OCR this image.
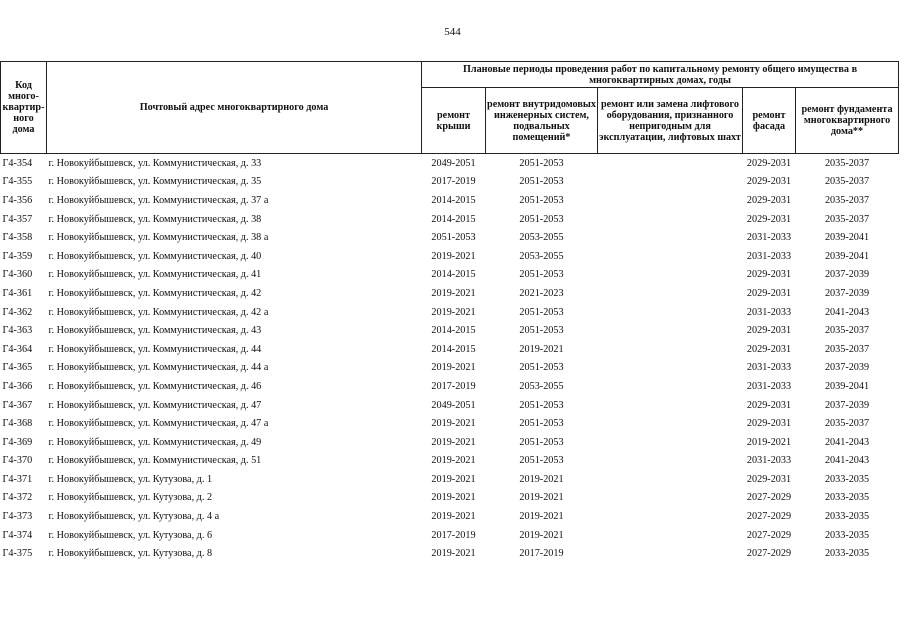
544
Код много-квартир-ного дома	Почтовый адрес многоквартирного дома	Плановые периоды проведения работ по капитальному ремонту общего имущества в многоквартирных домах, годы				
		ремонт крыши	ремонт внутридомовых инженерных систем, подвальных помещений*	ремонт или замена лифтового оборудования, признанного непригодным для эксплуатации, лифтовых шахт	ремонт фасада	ремонт фундамента многоквартирного дома**
Г4-354	г. Новокуйбышевск, ул. Коммунистическая, д. 33	2049-2051	2051-2053		2029-2031	2035-2037
Г4-355	г. Новокуйбышевск, ул. Коммунистическая, д. 35	2017-2019	2051-2053		2029-2031	2035-2037
Г4-356	г. Новокуйбышевск, ул. Коммунистическая, д. 37 а	2014-2015	2051-2053		2029-2031	2035-2037
Г4-357	г. Новокуйбышевск, ул. Коммунистическая, д. 38	2014-2015	2051-2053		2029-2031	2035-2037
Г4-358	г. Новокуйбышевск, ул. Коммунистическая, д. 38 а	2051-2053	2053-2055		2031-2033	2039-2041
Г4-359	г. Новокуйбышевск, ул. Коммунистическая, д. 40	2019-2021	2053-2055		2031-2033	2039-2041
Г4-360	г. Новокуйбышевск, ул. Коммунистическая, д. 41	2014-2015	2051-2053		2029-2031	2037-2039
Г4-361	г. Новокуйбышевск, ул. Коммунистическая, д. 42	2019-2021	2021-2023		2029-2031	2037-2039
Г4-362	г. Новокуйбышевск, ул. Коммунистическая, д. 42 а	2019-2021	2051-2053		2031-2033	2041-2043
Г4-363	г. Новокуйбышевск, ул. Коммунистическая, д. 43	2014-2015	2051-2053		2029-2031	2035-2037
Г4-364	г. Новокуйбышевск, ул. Коммунистическая, д. 44	2014-2015	2019-2021		2029-2031	2035-2037
Г4-365	г. Новокуйбышевск, ул. Коммунистическая, д. 44 а	2019-2021	2051-2053		2031-2033	2037-2039
Г4-366	г. Новокуйбышевск, ул. Коммунистическая, д. 46	2017-2019	2053-2055		2031-2033	2039-2041
Г4-367	г. Новокуйбышевск, ул. Коммунистическая, д. 47	2049-2051	2051-2053		2029-2031	2037-2039
Г4-368	г. Новокуйбышевск, ул. Коммунистическая, д. 47 а	2019-2021	2051-2053		2029-2031	2035-2037
Г4-369	г. Новокуйбышевск, ул. Коммунистическая, д. 49	2019-2021	2051-2053		2019-2021	2041-2043
Г4-370	г. Новокуйбышевск, ул. Коммунистическая, д. 51	2019-2021	2051-2053		2031-2033	2041-2043
Г4-371	г. Новокуйбышевск, ул. Кутузова, д. 1	2019-2021	2019-2021		2029-2031	2033-2035
Г4-372	г. Новокуйбышевск, ул. Кутузова, д. 2	2019-2021	2019-2021		2027-2029	2033-2035
Г4-373	г. Новокуйбышевск, ул. Кутузова, д. 4 а	2019-2021	2019-2021		2027-2029	2033-2035
Г4-374	г. Новокуйбышевск, ул. Кутузова, д. 6	2017-2019	2019-2021		2027-2029	2033-2035
Г4-375	г. Новокуйбышевск, ул. Кутузова, д. 8	2019-2021	2017-2019		2027-2029	2033-2035
